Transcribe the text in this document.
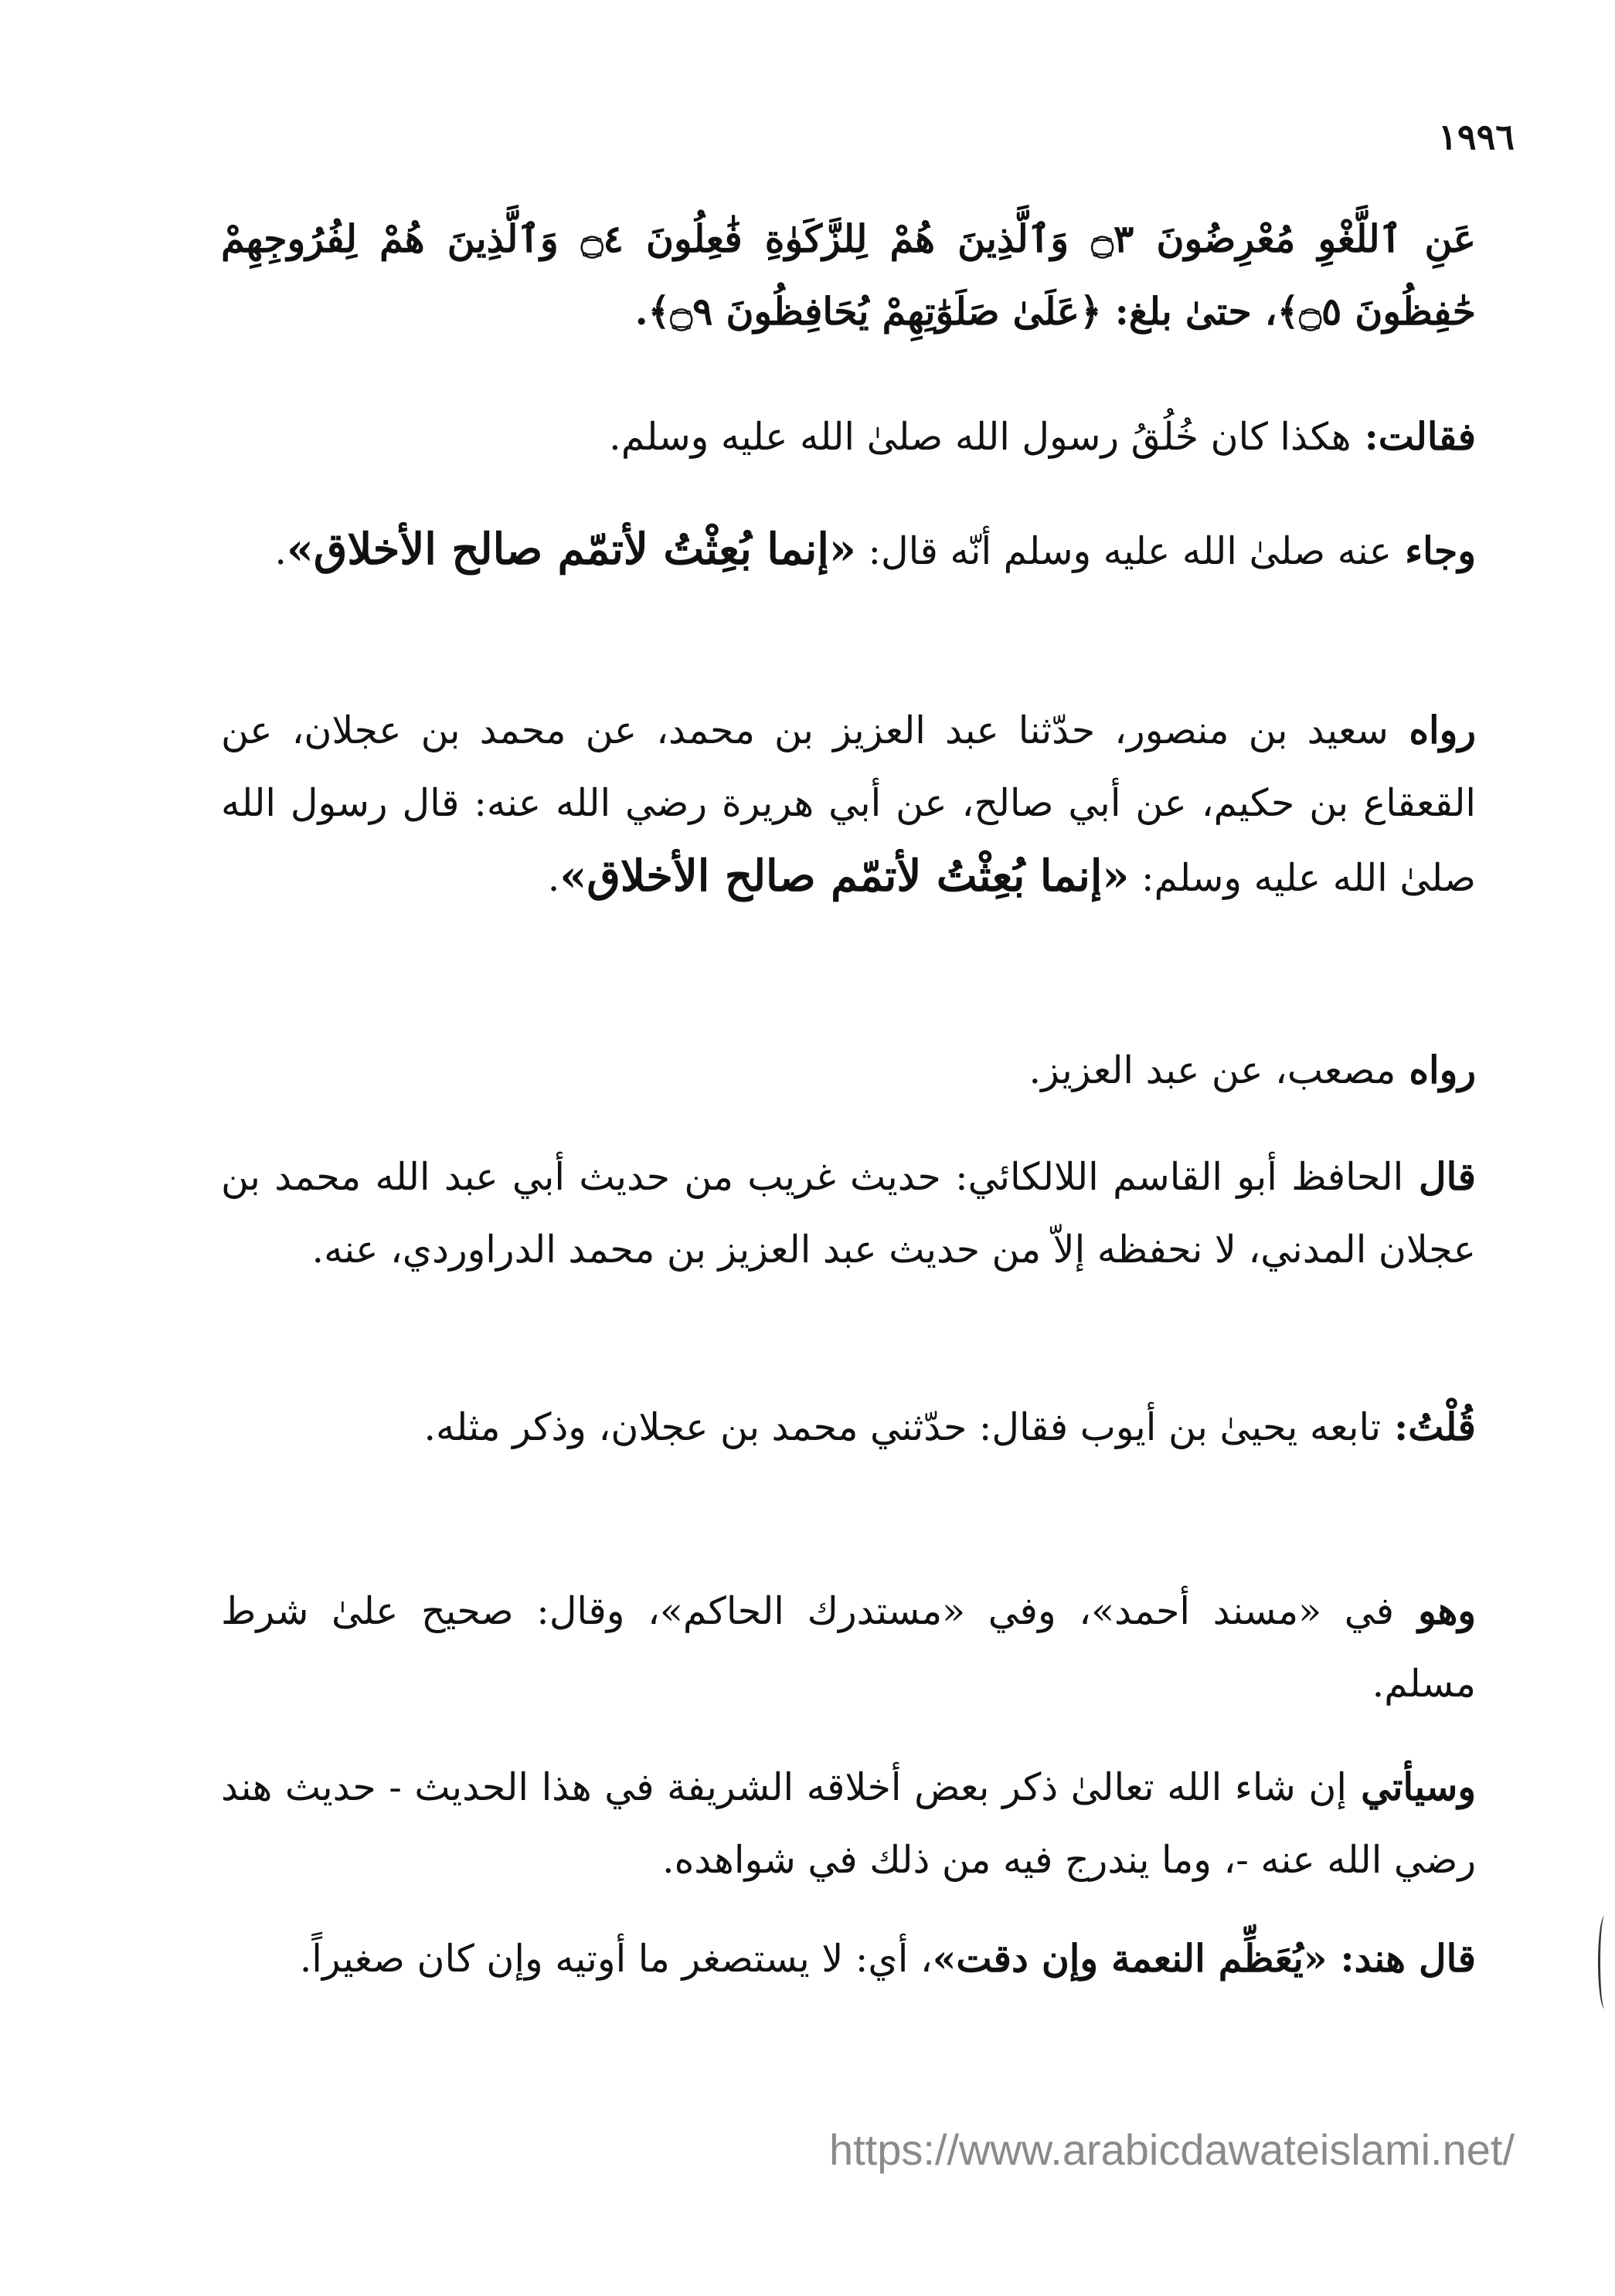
١٩٩٦
عَنِ ٱللَّغْوِ مُعْرِضُونَ ۝٣ وَٱلَّذِينَ هُمْ لِلزَّكَوٰةِ فَٰعِلُونَ ۝٤ وَٱلَّذِينَ هُمْ لِفُرُوجِهِمْ
حَٰفِظُونَ ۝٥﴾، حتىٰ بلغ: ﴿عَلَىٰ صَلَوَٰتِهِمْ يُحَافِظُونَ ۝٩﴾.

فقالت: هكذا كان خُلُقُ رسول الله صلىٰ الله عليه وسلم.

وجاء عنه صلىٰ الله عليه وسلم أنّه قال: «إنما بُعِثْتُ لأتمّم صالح الأخلاق».

رواه سعيد بن منصور، حدّثنا عبد العزيز بن محمد، عن محمد بن عجلان، عن القعقاع بن حكيم، عن أبي صالح، عن أبي هريرة رضي الله عنه: قال رسول الله صلىٰ الله عليه وسلم: «إنما بُعِثْتُ لأتمّم صالح الأخلاق».

رواه مصعب، عن عبد العزيز.

قال الحافظ أبو القاسم اللالكائي: حديث غريب من حديث أبي عبد الله محمد بن عجلان المدني، لا نحفظه إلاّ من حديث عبد العزيز بن محمد الدراوردي، عنه.

قُلْتُ: تابعه يحيىٰ بن أيوب فقال: حدّثني محمد بن عجلان، وذكر مثله.

وهو في «مسند أحمد»، وفي «مستدرك الحاكم»، وقال: صحيح علىٰ شرط مسلم.

وسيأتي إن شاء الله تعالىٰ ذكر بعض أخلاقه الشريفة في هذا الحديث - حديث هند رضي الله عنه -، وما يندرج فيه من ذلك في شواهده.

قال هند: «يُعَظِّم النعمة وإن دقت»، أي: لا يستصغر ما أوتيه وإن كان صغيراً.

https://www.arabicdawateislami.net/
